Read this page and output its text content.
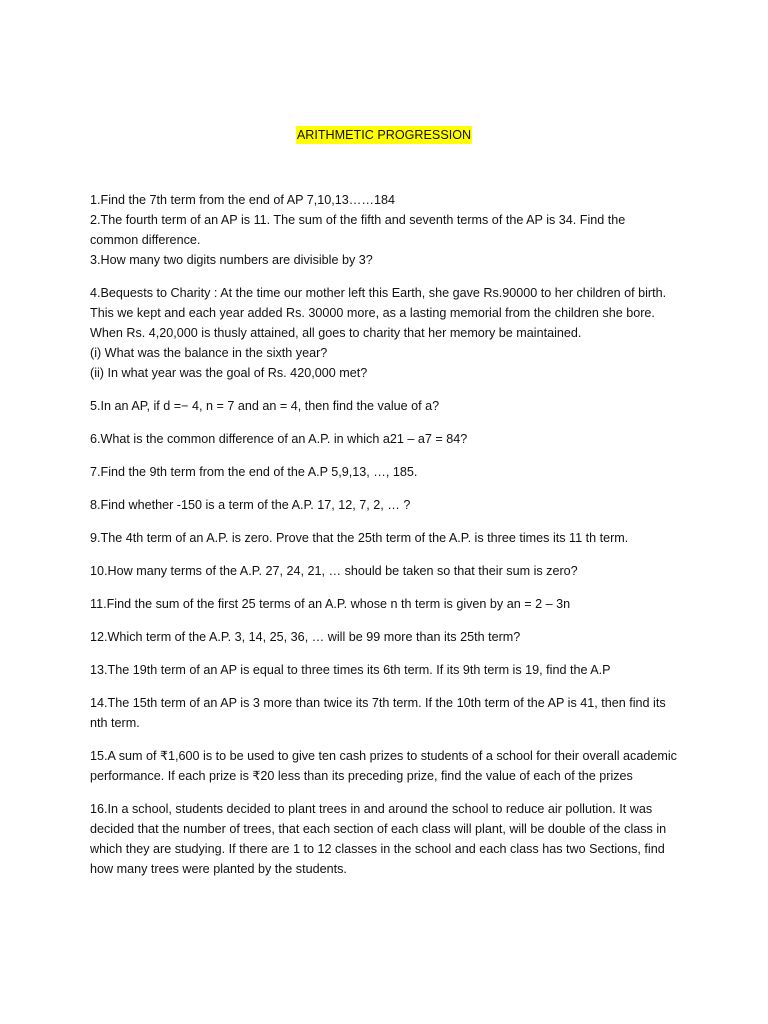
ARITHMETIC PROGRESSION
1.Find the 7th term from the end of AP 7,10,13……184
2.The fourth term of an AP is 11. The sum of the fifth and seventh terms of the AP is 34. Find the
common difference.
3.How many two digits numbers are divisible by 3?
4.Bequests to Charity : At the time our mother left this Earth, she gave Rs.90000 to her children of birth.
This we kept and each year added Rs. 30000 more, as a lasting memorial from the children she bore.
When Rs. 4,20,000 is thusly attained, all goes to charity that her memory be maintained.
(i) What was the balance in the sixth year?
(ii) In what year was the goal of Rs. 420,000 met?
5.In an AP, if d =− 4, n = 7 and an = 4, then find the value of a?
6.What is the common difference of an A.P. in which a21 – a7 = 84?
7.Find the 9th term from the end of the A.P 5,9,13, …, 185.
8.Find whether -150 is a term of the A.P. 17, 12, 7, 2, … ?
9.The 4th term of an A.P. is zero. Prove that the 25th term of the A.P. is three times its 11 th term.
10.How many terms of the A.P. 27, 24, 21, … should be taken so that their sum is zero?
11.Find the sum of the first 25 terms of an A.P. whose n th term is given by an = 2 – 3n
12.Which term of the A.P. 3, 14, 25, 36, … will be 99 more than its 25th term?
13.The 19th term of an AP is equal to three times its 6th term. If its 9th term is 19, find the A.P
14.The 15th term of an AP is 3 more than twice its 7th term. If the 10th term of the AP is 41, then find its
nth term.
15.A sum of ₹1,600 is to be used to give ten cash prizes to students of a school for their overall academic
performance. If each prize is ₹20 less than its preceding prize, find the value of each of the prizes
16.In a school, students decided to plant trees in and around the school to reduce air pollution. It was
decided that the number of trees, that each section of each class will plant, will be double of the class in
which they are studying. If there are 1 to 12 classes in the school and each class has two Sections, find
how many trees were planted by the students.
